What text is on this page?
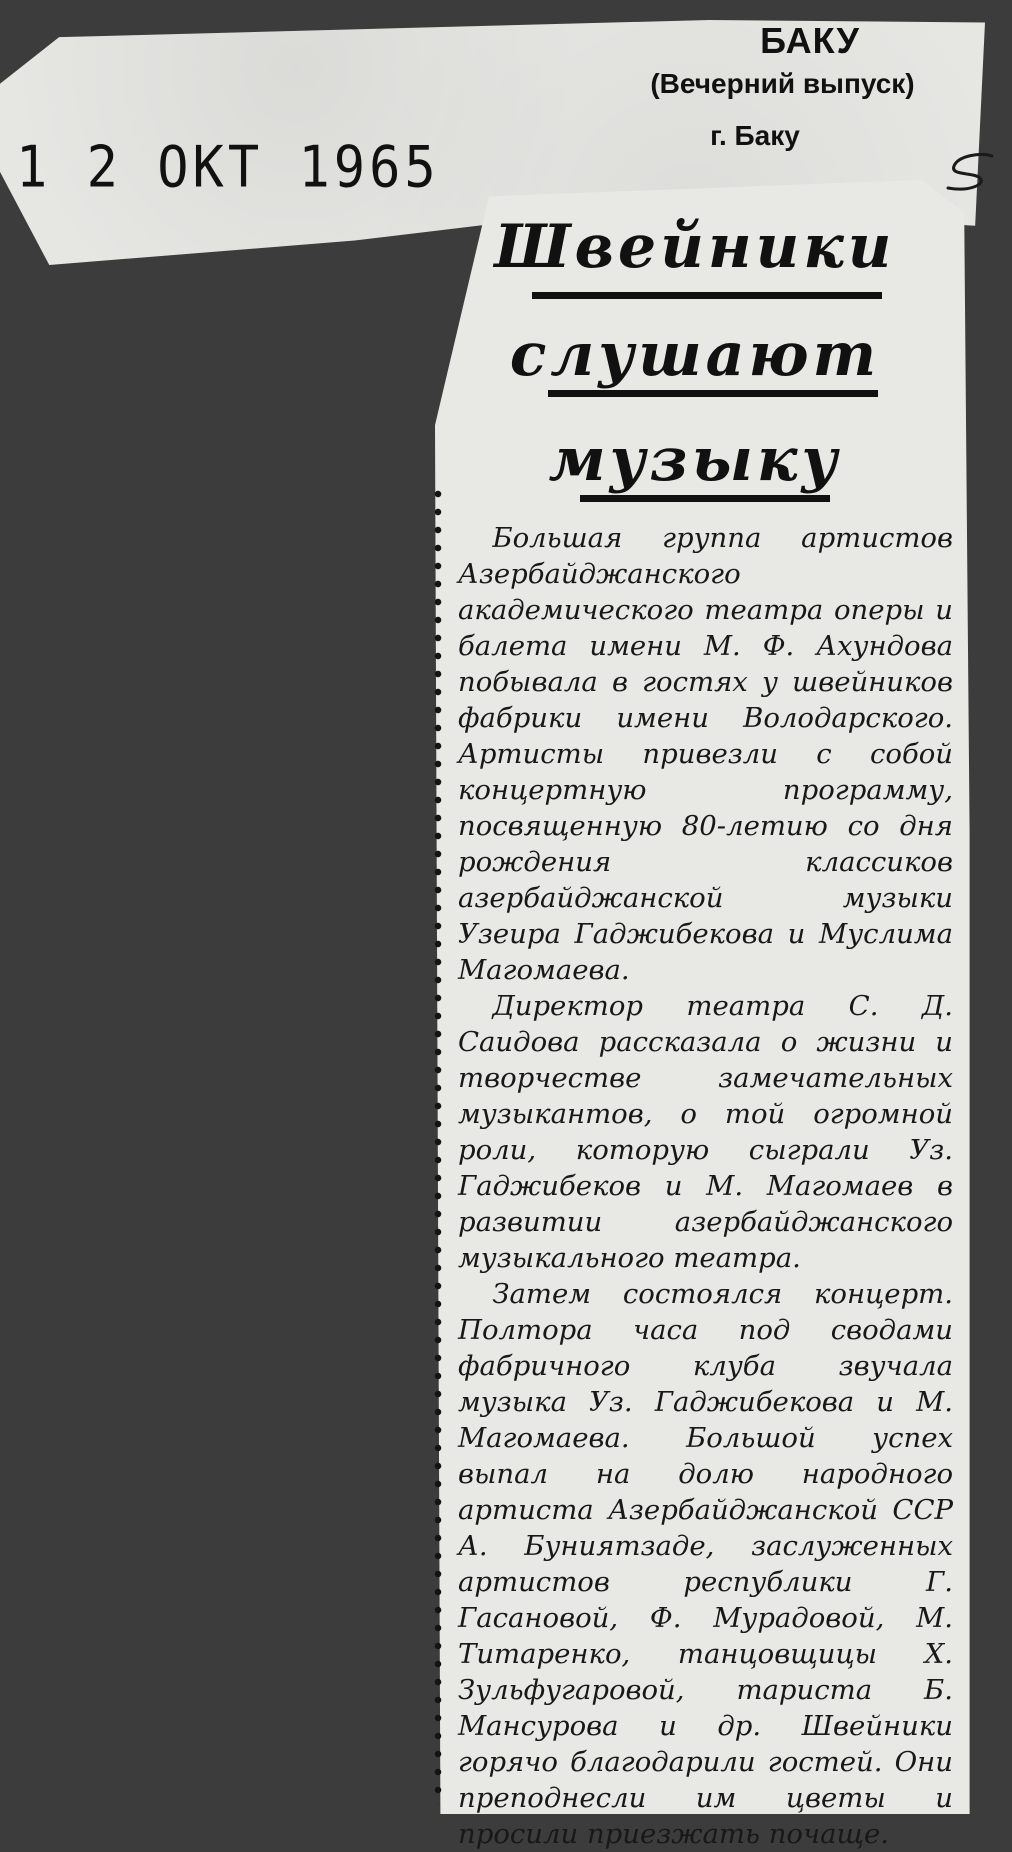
БАКУ
(Вечерний выпуск)
г. Баку
1 2 ОКТ 1965
Швейники
слушают
музыку

Большая группа артистов Азербайджанского академического театра оперы и балета имени М. Ф. Ахундова побывала в гостях у швейников фабрики имени Володарского. Артисты привезли с собой концертную программу, посвященную 80-летию со дня рождения классиков азербайджанской музыки Узеира Гаджибекова и Муслима Магомаева.

Директор театра С. Д. Саидова рассказала о жизни и творчестве замечательных музыкантов, о той огромной роли, которую сыграли Уз. Гаджибеков и М. Магомаев в развитии азербайджанского музыкального театра.

Затем состоялся концерт. Полтора часа под сводами фабричного клуба звучала музыка Уз. Гаджибекова и М. Магомаева. Большой успех выпал на долю народного артиста Азербайджанской ССР А. Буниятзаде, заслуженных артистов республики Г. Гасановой, Ф. Мурадовой, М. Титаренко, танцовщицы Х. Зульфугаровой, тариста Б. Мансурова и др. Швейники горячо благодарили гостей. Они преподнесли им цветы и просили приезжать почаще.
